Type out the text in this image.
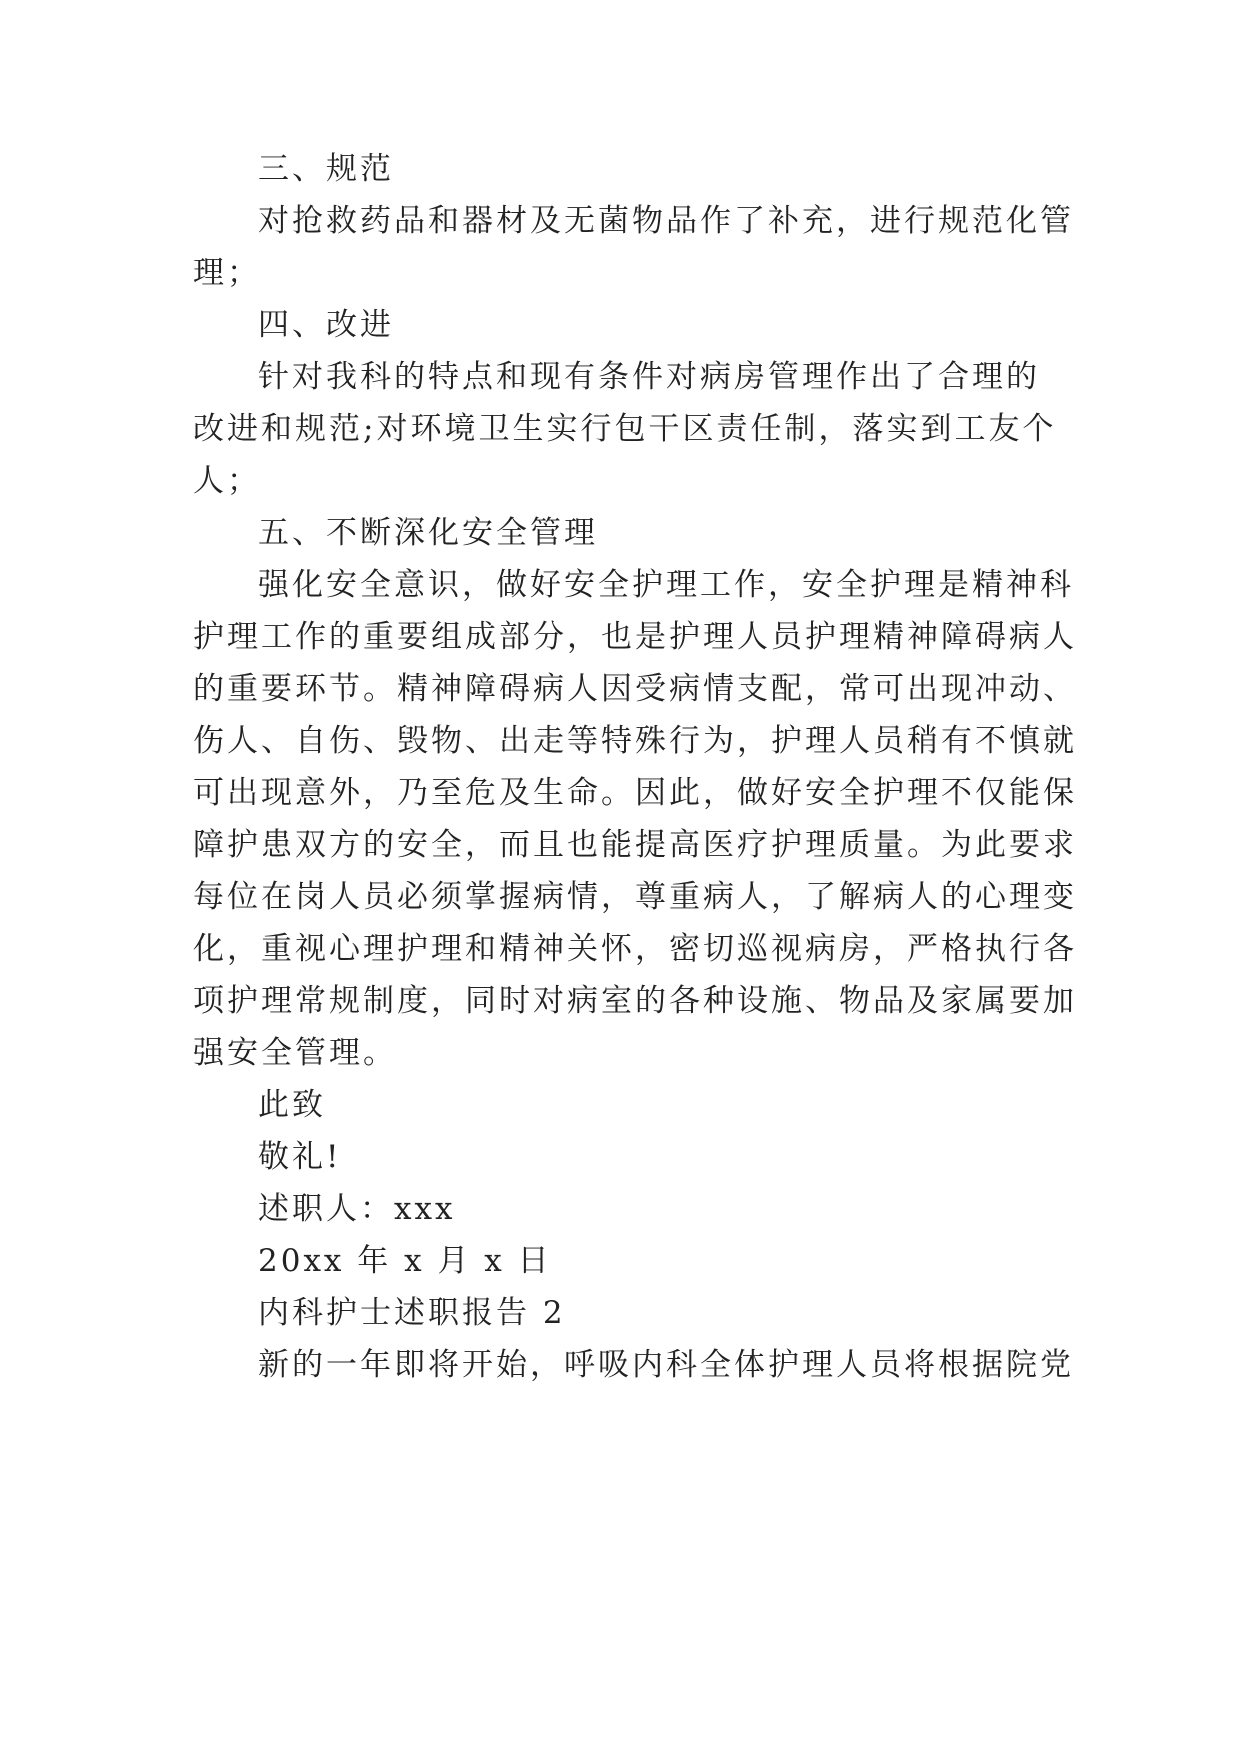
三、规范
对抢救药品和器材及无菌物品作了补充，进行规范化管
理；
四、改进
针对我科的特点和现有条件对病房管理作出了合理的
改进和规范;对环境卫生实行包干区责任制，落实到工友个
人；
五、不断深化安全管理
强化安全意识，做好安全护理工作，安全护理是精神科
护理工作的重要组成部分，也是护理人员护理精神障碍病人
的重要环节。精神障碍病人因受病情支配，常可出现冲动、
伤人、自伤、毁物、出走等特殊行为，护理人员稍有不慎就
可出现意外，乃至危及生命。因此，做好安全护理不仅能保
障护患双方的安全，而且也能提高医疗护理质量。为此要求
每位在岗人员必须掌握病情，尊重病人，了解病人的心理变
化，重视心理护理和精神关怀，密切巡视病房，严格执行各
项护理常规制度，同时对病室的各种设施、物品及家属要加
强安全管理。
此致
敬礼!
述职人：xxx
20xx 年 x 月 x 日
内科护士述职报告 2
新的一年即将开始，呼吸内科全体护理人员将根据院党
